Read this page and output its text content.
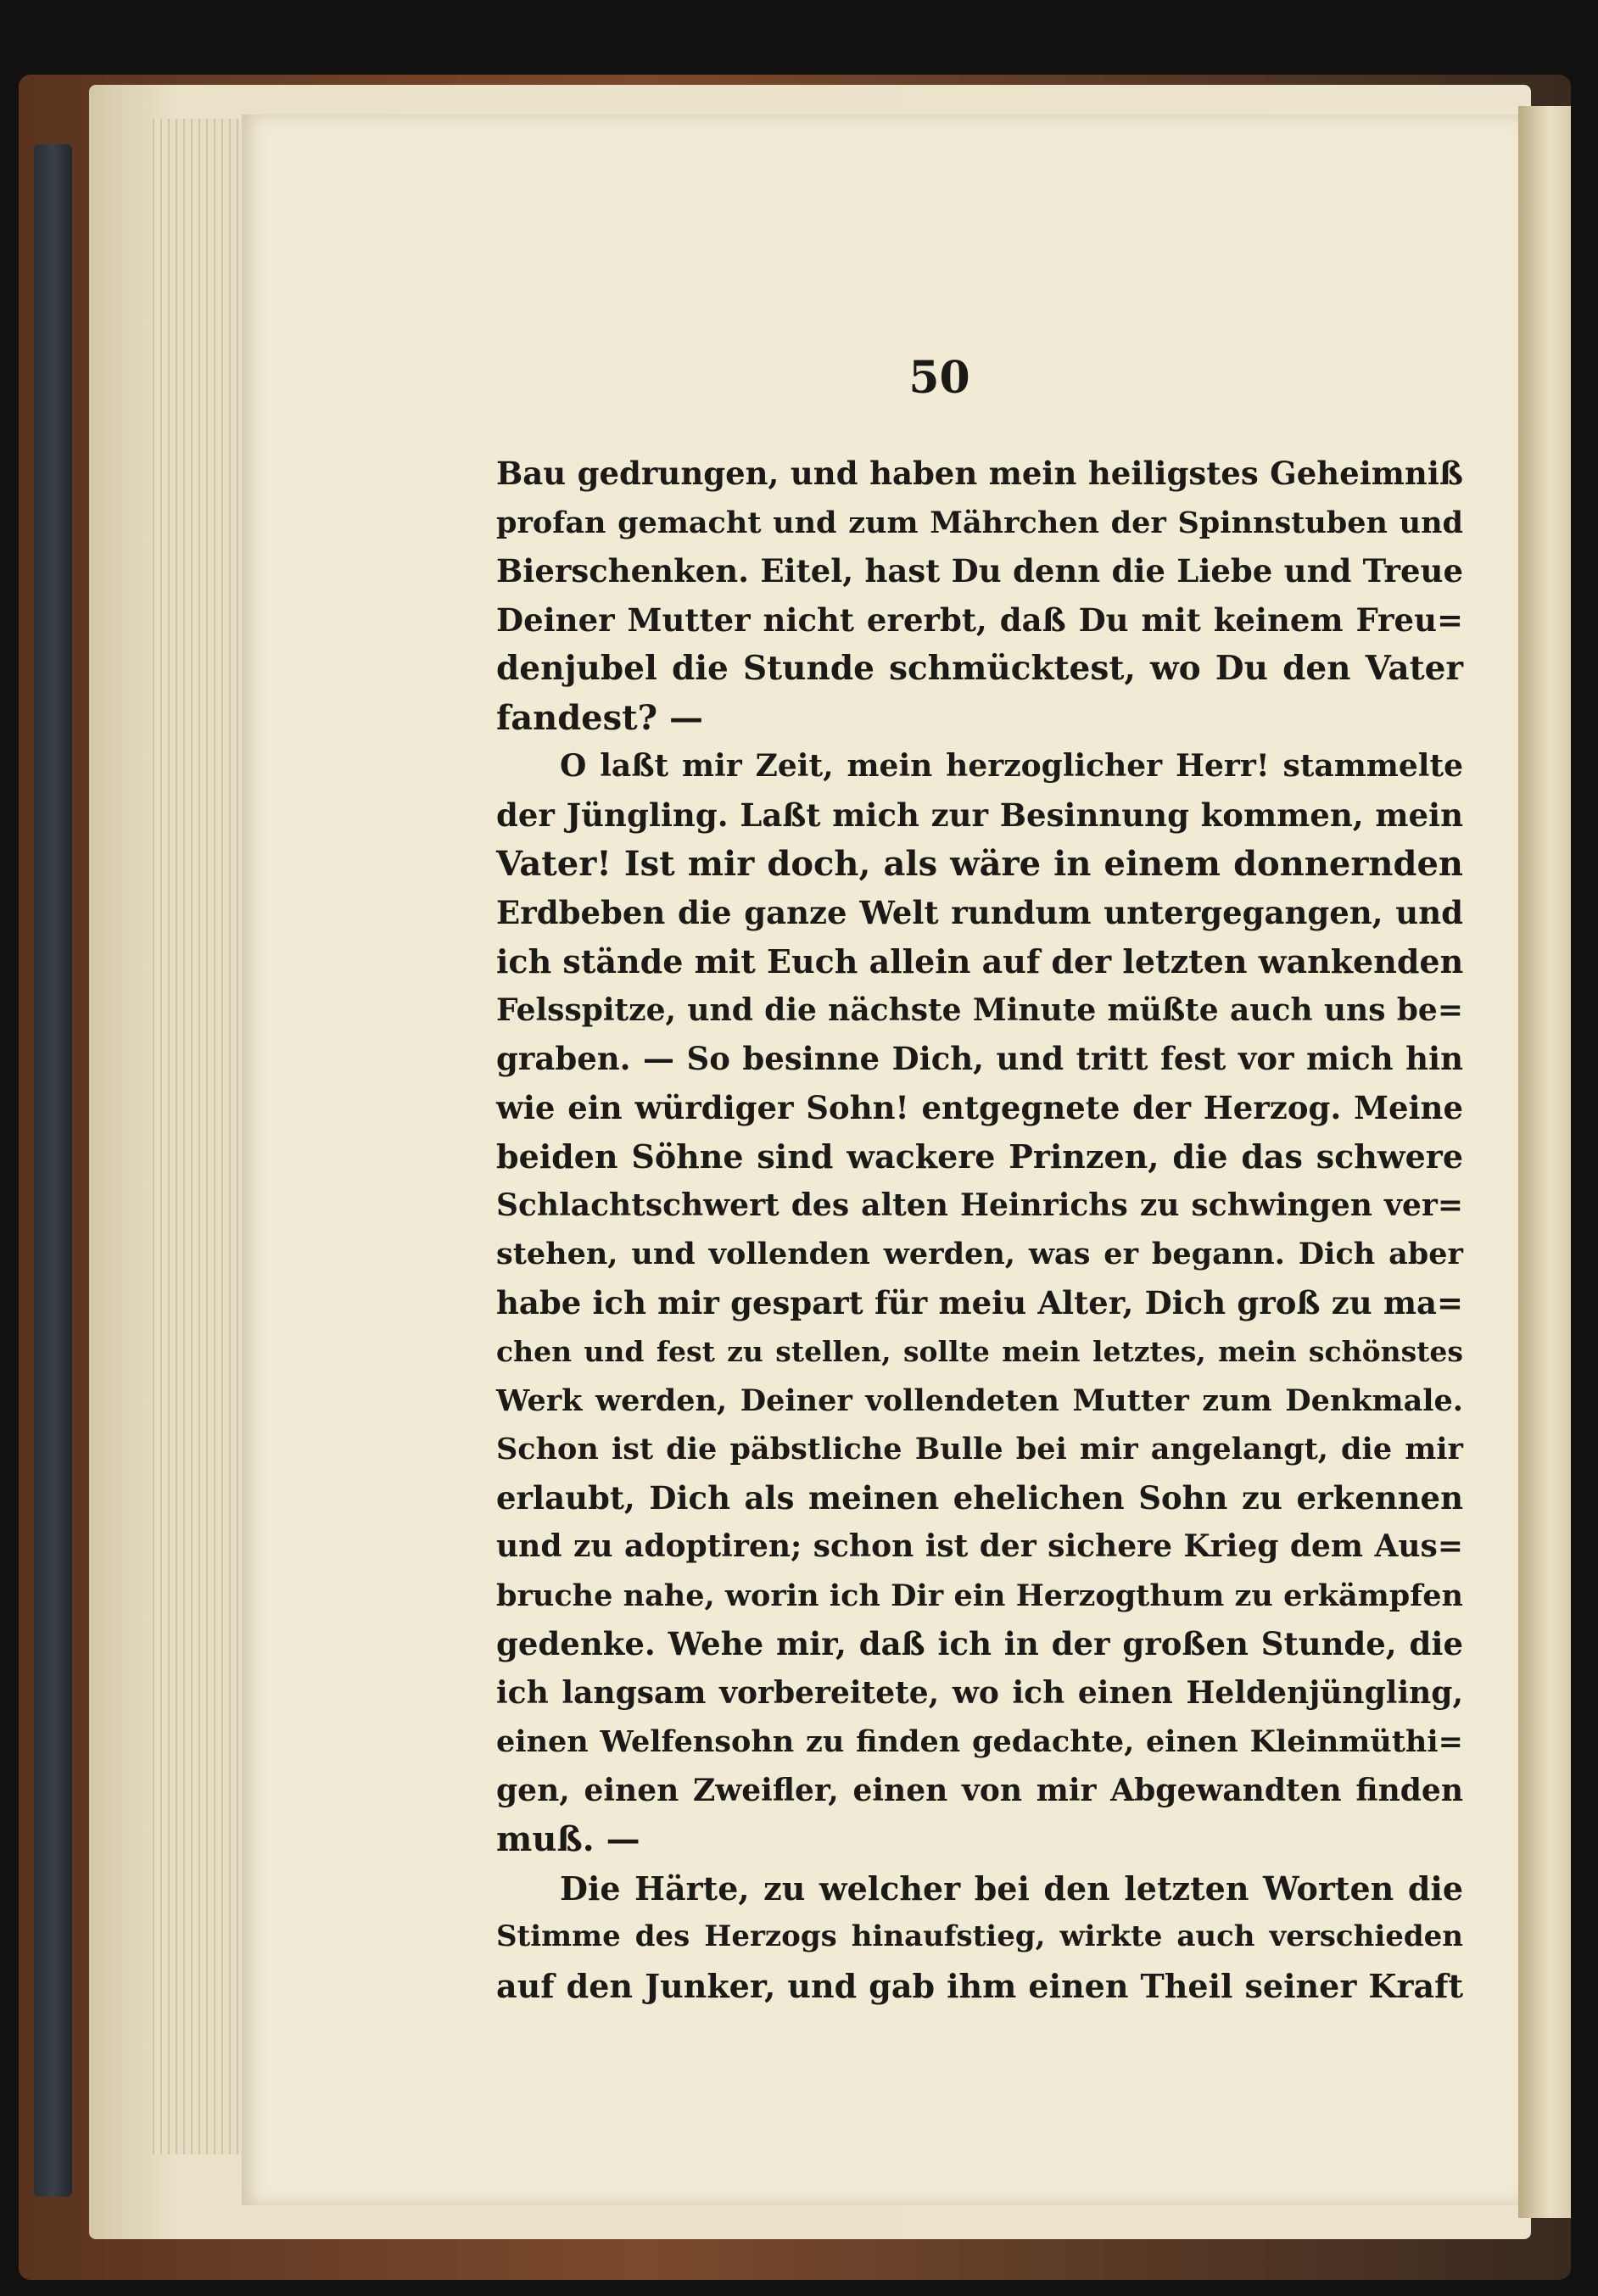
50
Bau gedrungen, und haben mein heiligstes Geheimniß
profan gemacht und zum Mährchen der Spinnstuben und
Bierschenken. Eitel, hast Du denn die Liebe und Treue
Deiner Mutter nicht ererbt, daß Du mit keinem Freu=
denjubel die Stunde schmücktest, wo Du den Vater
fandest? —
O laßt mir Zeit, mein herzoglicher Herr! stammelte
der Jüngling. Laßt mich zur Besinnung kommen, mein
Vater! Ist mir doch, als wäre in einem donnernden
Erdbeben die ganze Welt rundum untergegangen, und
ich stände mit Euch allein auf der letzten wankenden
Felsspitze, und die nächste Minute müßte auch uns be=
graben. — So besinne Dich, und tritt fest vor mich hin
wie ein würdiger Sohn! entgegnete der Herzog. Meine
beiden Söhne sind wackere Prinzen, die das schwere
Schlachtschwert des alten Heinrichs zu schwingen ver=
stehen, und vollenden werden, was er begann. Dich aber
habe ich mir gespart für meiu Alter, Dich groß zu ma=
chen und fest zu stellen, sollte mein letztes, mein schönstes
Werk werden, Deiner vollendeten Mutter zum Denkmale.
Schon ist die päbstliche Bulle bei mir angelangt, die mir
erlaubt, Dich als meinen ehelichen Sohn zu erkennen
und zu adoptiren; schon ist der sichere Krieg dem Aus=
bruche nahe, worin ich Dir ein Herzogthum zu erkämpfen
gedenke. Wehe mir, daß ich in der großen Stunde, die
ich langsam vorbereitete, wo ich einen Heldenjüngling,
einen Welfensohn zu finden gedachte, einen Kleinmüthi=
gen, einen Zweifler, einen von mir Abgewandten finden
muß. —
Die Härte, zu welcher bei den letzten Worten die
Stimme des Herzogs hinaufstieg, wirkte auch verschieden
auf den Junker, und gab ihm einen Theil seiner Kraft
